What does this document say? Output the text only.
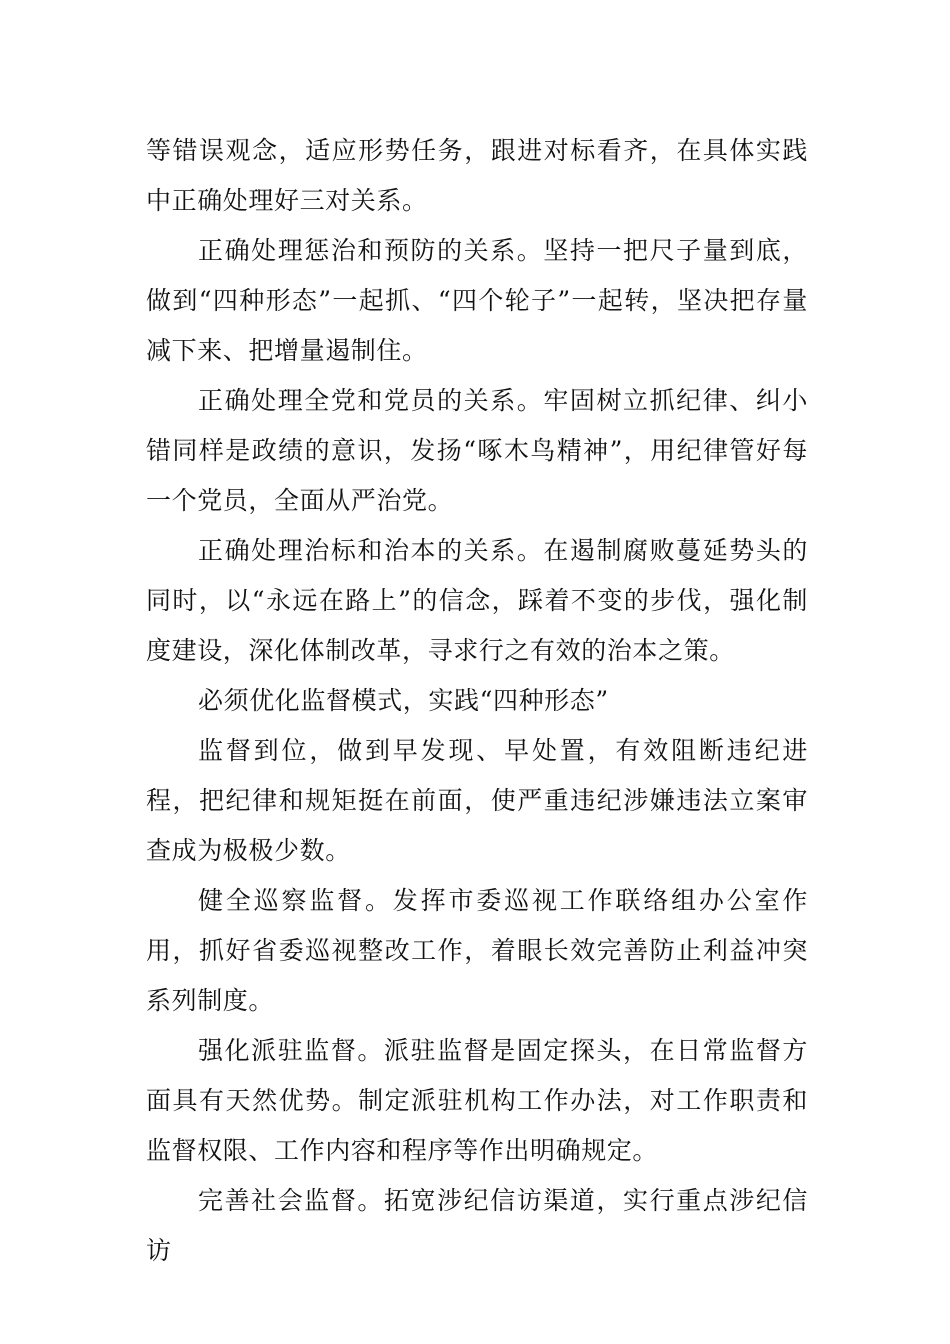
等错误观念，适应形势任务，跟进对标看齐，在具体实践中正确处理好三对关系。

正确处理惩治和预防的关系。坚持一把尺子量到底，做到“四种形态”一起抓、“四个轮子”一起转，坚决把存量减下来、把增量遏制住。

正确处理全党和党员的关系。牢固树立抓纪律、纠小错同样是政绩的意识，发扬“啄木鸟精神”，用纪律管好每一个党员，全面从严治党。

正确处理治标和治本的关系。在遏制腐败蔓延势头的同时，以“永远在路上”的信念，踩着不变的步伐，强化制度建设，深化体制改革，寻求行之有效的治本之策。

必须优化监督模式，实践“四种形态”

监督到位，做到早发现、早处置，有效阻断违纪进程，把纪律和规矩挺在前面，使严重违纪涉嫌违法立案审查成为极极少数。

健全巡察监督。发挥市委巡视工作联络组办公室作用，抓好省委巡视整改工作，着眼长效完善防止利益冲突系列制度。

强化派驻监督。派驻监督是固定探头，在日常监督方面具有天然优势。制定派驻机构工作办法，对工作职责和监督权限、工作内容和程序等作出明确规定。

完善社会监督。拓宽涉纪信访渠道，实行重点涉纪信访
